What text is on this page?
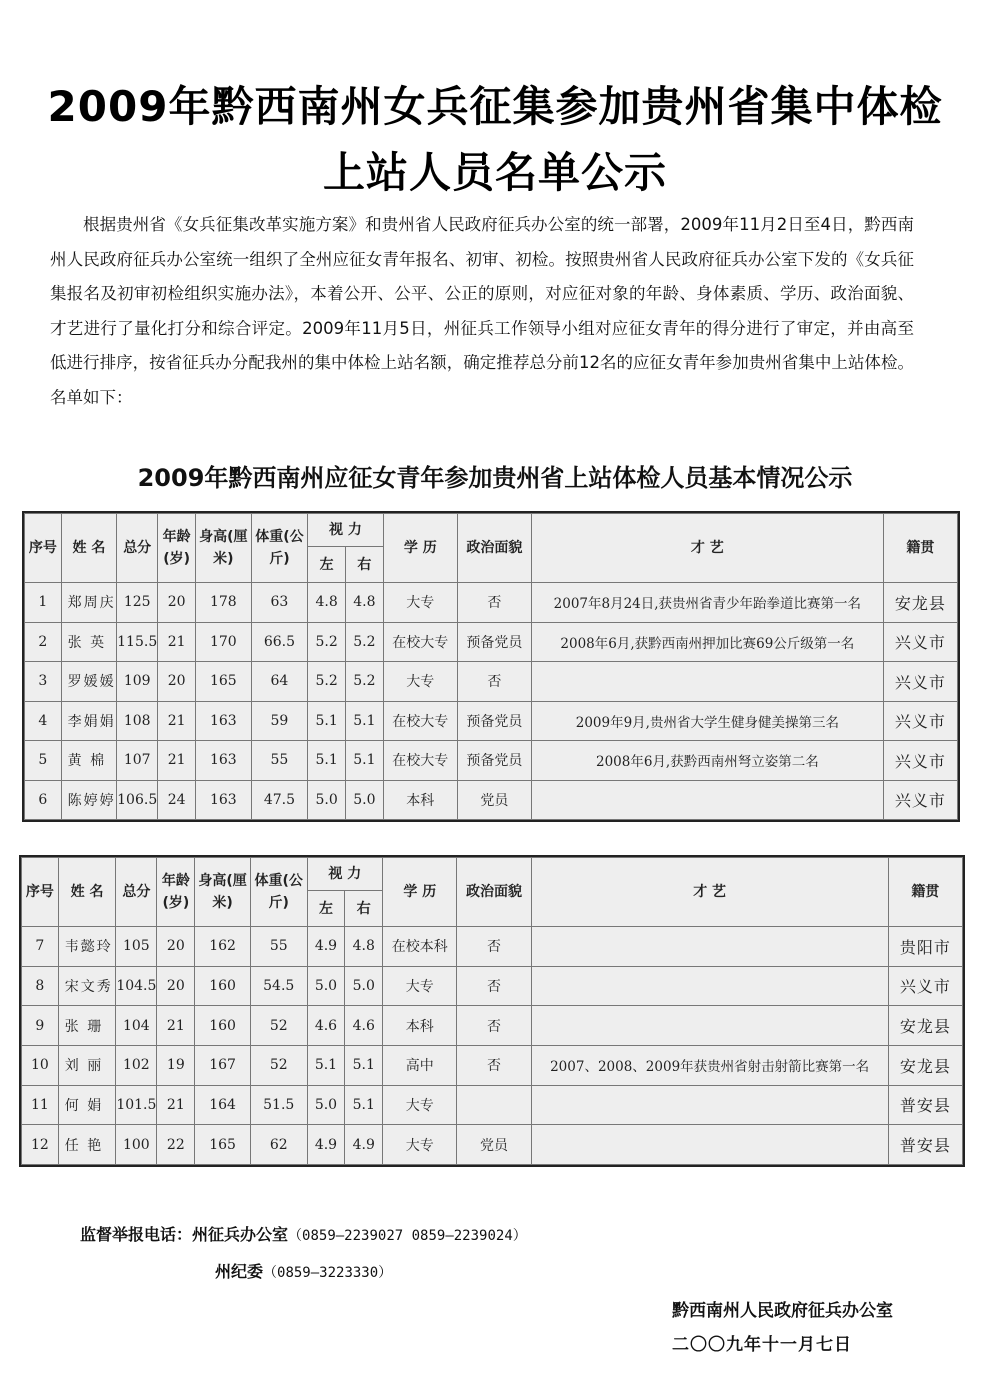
2009年黔西南州女兵征集参加贵州省集中体检
上站人员名单公示

根据贵州省《女兵征集改革实施方案》和贵州省人民政府征兵办公室的统一部署，2009年11月2日至4日，黔西南州人民政府征兵办公室统一组织了全州应征女青年报名、初审、初检。按照贵州省人民政府征兵办公室下发的《女兵征集报名及初审初检组织实施办法》，本着公开、公平、公正的原则，对应征对象的年龄、身体素质、学历、政治面貌、才艺进行了量化打分和综合评定。2009年11月5日，州征兵工作领导小组对应征女青年的得分进行了审定，并由高至低进行排序，按省征兵办分配我州的集中体检上站名额，确定推荐总分前12名的应征女青年参加贵州省集中上站体检。名单如下：

2009年黔西南州应征女青年参加贵州省上站体检人员基本情况公示
序号	姓 名	总分	年龄(岁)	身高(厘米)	体重(公斤)	视 力		学 历	政治面貌	才 艺	籍贯
						左	右				
1	郑周庆	125	20	178	63	4.8	4.8	大专	否	2007年8月24日,获贵州省青少年跆拳道比赛第一名	安龙县
2	张 英	115.5	21	170	66.5	5.2	5.2	在校大专	预备党员	2008年6月,获黔西南州押加比赛69公斤级第一名	兴义市
3	罗媛媛	109	20	165	64	5.2	5.2	大专	否		兴义市
4	李娟娟	108	21	163	59	5.1	5.1	在校大专	预备党员	2009年9月,贵州省大学生健身健美操第三名	兴义市
5	黄 棉	107	21	163	55	5.1	5.1	在校大专	预备党员	2008年6月,获黔西南州弩立姿第二名	兴义市
6	陈婷婷	106.5	24	163	47.5	5.0	5.0	本科	党员		兴义市
序号	姓 名	总分	年龄(岁)	身高(厘米)	体重(公斤)	视 力		学 历	政治面貌	才 艺	籍贯
						左	右				
7	韦懿玲	105	20	162	55	4.9	4.8	在校本科	否		贵阳市
8	宋文秀	104.5	20	160	54.5	5.0	5.0	大专	否		兴义市
9	张 珊	104	21	160	52	4.6	4.6	本科	否		安龙县
10	刘 丽	102	19	167	52	5.1	5.1	高中	否	2007、2008、2009年获贵州省射击射箭比赛第一名	安龙县
11	何 娟	101.5	21	164	51.5	5.0	5.1	大专			普安县
12	任 艳	100	22	165	62	4.9	4.9	大专	党员		普安县
监督举报电话：州征兵办公室（0859—2239027 0859—2239024）
州纪委（0859—3223330）
黔西南州人民政府征兵办公室
二〇〇九年十一月七日
